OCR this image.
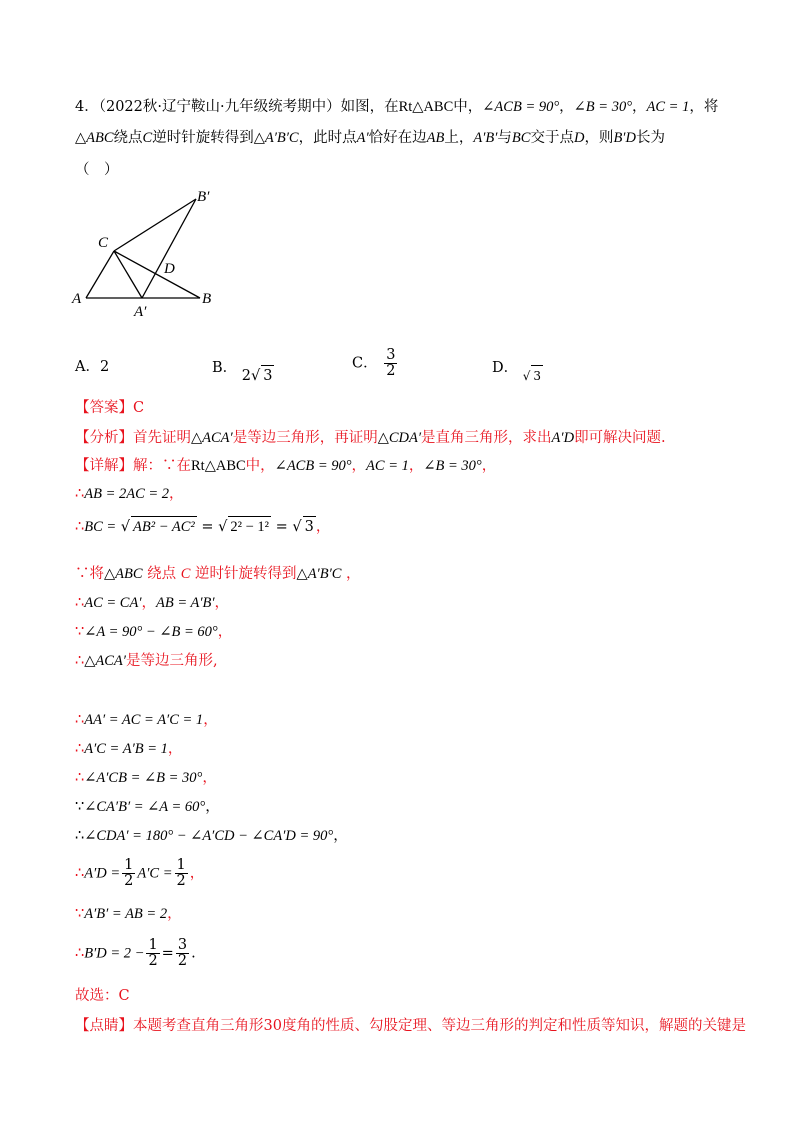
4．（2022秋·辽宁鞍山·九年级统考期中）如图，在Rt△ABC中，∠ACB = 90°，∠B = 30°，AC = 1，将
△ABC绕点C逆时针旋转得到△A′B′C，此时点A′恰好在边AB上，A′B′与BC交于点D，则B′D长为
（　）
A	B
C
D
A′
B′
A．2	B． 2√ 3
C． $\frac{3}{2}$	D． $_{√ 3}$
【答案】C
【分析】首先证明△ACA′是等边三角形，再证明△CDA′是直角三角形，求出A′D即可解决问题.
【详解】解：∵在Rt△ABC中，∠ACB = 90°，AC = 1，∠B = 30°，
∴AB = 2AC = 2，
∴BC = √ AB² − AC² = √ 2² − 1² = √ 3 ，
∵将△ABC 绕点 C 逆时针旋转得到△A′B′C ，
∴AC = CA′，AB = A′B′，
∵∠A = 90° − ∠B = 60°，
∴△ACA′是等边三角形,
∴AA′ = AC = A′C = 1，
∴A′C = A′B = 1，
∴∠A′CB = ∠B = 30°，
∵∠CA′B′ = ∠A = 60°，
∴∠CDA′ = 180° − ∠A′CD − ∠CA′D = 90°，
∴A′D = $\frac{1}{2} A'C = \frac{1}{2}$ ，
∵A′B′ = AB = 2，
∴B′D = $2 - \frac{1}{2} = \frac{3}{2}$ .
故选：C
【点睛】本题考查直角三角形30度角的性质、勾股定理、等边三角形的判定和性质等知识，解题的关键是
